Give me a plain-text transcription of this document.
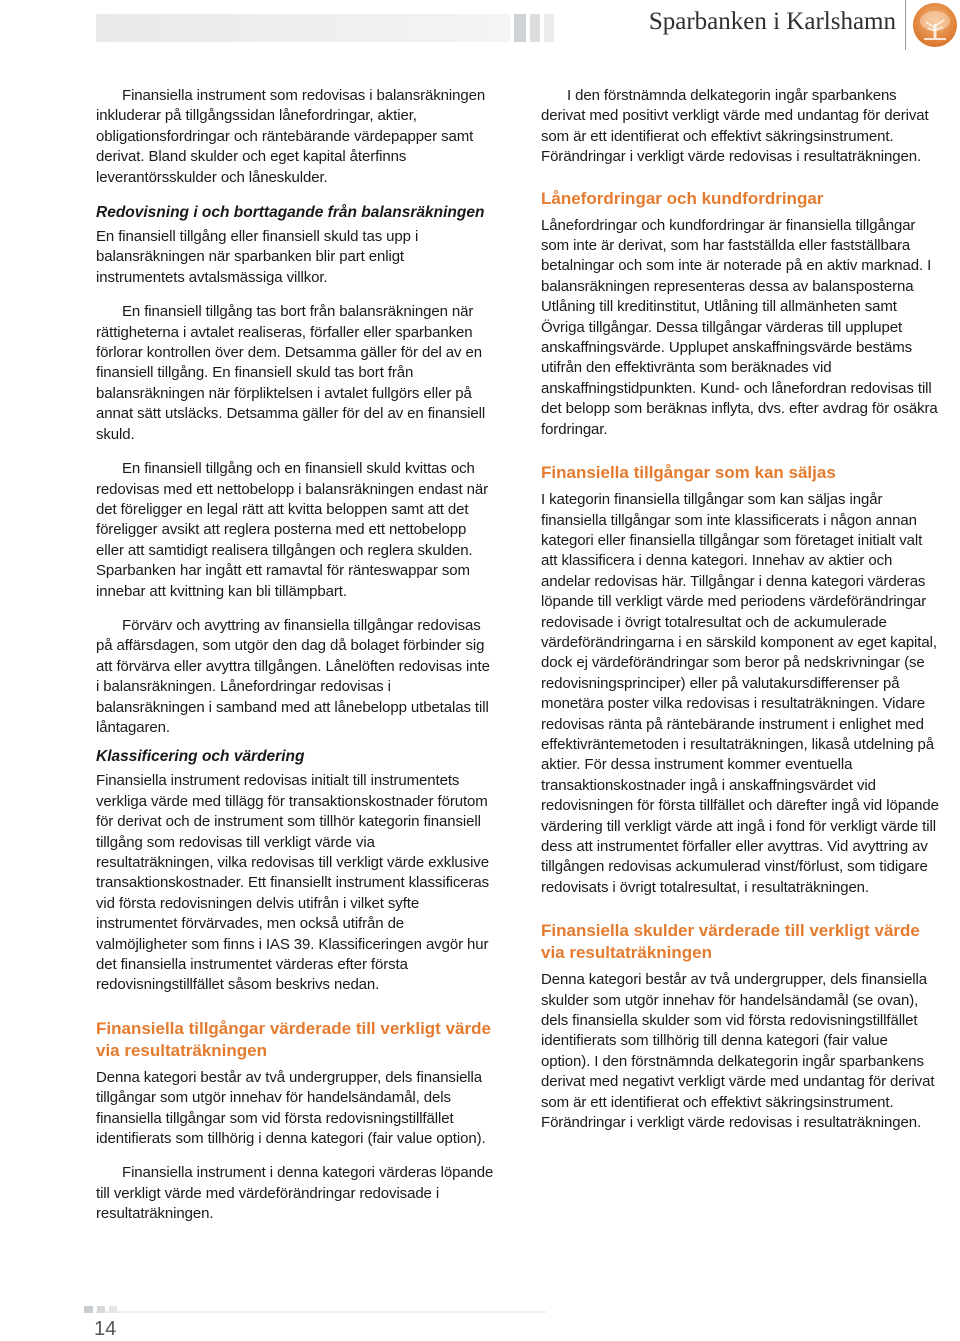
Sparbanken i Karlshamn

Finansiella instrument som redovisas i balansräkningen inkluderar på tillgångssidan lånefordringar, aktier, obligationsfordringar och räntebärande värdepapper samt derivat. Bland skulder och eget kapital återfinns leverantörsskulder och låneskulder.

Redovisning i och borttagande från balansräkningen

En finansiell tillgång eller finansiell skuld tas upp i balansräkningen när sparbanken blir part enligt instrumentets avtalsmässiga villkor.

En finansiell tillgång tas bort från balansräkningen när rättigheterna i avtalet realiseras, förfaller eller sparbanken förlorar kontrollen över dem. Detsamma gäller för del av en finansiell tillgång. En finansiell skuld tas bort från balansräkningen när förpliktelsen i avtalet fullgörs eller på annat sätt utsläcks. Detsamma gäller för del av en finansiell skuld.

En finansiell tillgång och en finansiell skuld kvittas och redovisas med ett nettobelopp i balansräkningen endast när det föreligger en legal rätt att kvitta beloppen samt att det föreligger avsikt att reglera posterna med ett nettobelopp eller att samtidigt realisera tillgången och reglera skulden. Sparbanken har ingått ett ramavtal för ränteswappar som innebar att kvittning kan bli tillämpbart.

Förvärv och avyttring av finansiella tillgångar redovisas på affärsdagen, som utgör den dag då bolaget förbinder sig att förvärva eller avyttra tillgången. Lånelöften redovisas inte i balansräkningen. Lånefordringar redovisas i balansräkningen i samband med att lånebelopp utbetalas till låntagaren.

Klassificering och värdering

Finansiella instrument redovisas initialt till instrumentets verkliga värde med tillägg för transaktionskostnader förutom för derivat och de instrument som tillhör kategorin finansiell tillgång som redovisas till verkligt värde via resultaträkningen, vilka redovisas till verkligt värde exklusive transaktionskostnader. Ett finansiellt instrument klassificeras vid första redovisningen delvis utifrån i vilket syfte instrumentet förvärvades, men också utifrån de valmöjligheter som finns i IAS 39. Klassificeringen avgör hur det finansiella instrumentet värderas efter första redovisningstillfället såsom beskrivs nedan.

Finansiella tillgångar värderade till verkligt värde via resultaträkningen

Denna kategori består av två undergrupper, dels finansiella tillgångar som utgör innehav för handelsändamål, dels finansiella tillgångar som vid första redovisningstillfället identifierats som tillhörig i denna kategori (fair value option).

Finansiella instrument i denna kategori värderas löpande till verkligt värde med värdeförändringar redovisade i resultaträkningen.

I den förstnämnda delkategorin ingår sparbankens derivat med positivt verkligt värde med undantag för derivat som är ett identifierat och effektivt säkringsinstrument. Förändringar i verkligt värde redovisas i resultaträkningen.

Lånefordringar och kundfordringar

Lånefordringar och kundfordringar är finansiella tillgångar som inte är derivat, som har fastställda eller fastställbara betalningar och som inte är noterade på en aktiv marknad. I balansräkningen representeras dessa av balansposterna Utlåning till kreditinstitut, Utlåning till allmänheten samt Övriga tillgångar. Dessa tillgångar värderas till upplupet anskaffningsvärde. Upplupet anskaffningsvärde bestäms utifrån den effektivränta som beräknades vid anskaffningstidpunkten. Kund- och lånefordran redovisas till det belopp som beräknas inflyta, dvs. efter avdrag för osäkra fordringar.

Finansiella tillgångar som kan säljas

I kategorin finansiella tillgångar som kan säljas ingår finansiella tillgångar som inte klassificerats i någon annan kategori eller finansiella tillgångar som företaget initialt valt att klassificera i denna kategori. Innehav av aktier och andelar redovisas här. Tillgångar i denna kategori värderas löpande till verkligt värde med periodens värdeförändringar redovisade i övrigt totalresultat och de ackumulerade värdeförändringarna i en särskild komponent av eget kapital, dock ej värdeförändringar som beror på nedskrivningar (se redovisningsprinciper) eller på valutakursdifferenser på monetära poster vilka redovisas i resultaträkningen. Vidare redovisas ränta på räntebärande instrument i enlighet med effektivräntemetoden i resultaträkningen, likaså utdelning på aktier. För dessa instrument kommer eventuella transaktionskostnader ingå i anskaffningsvärdet vid redovisningen för första tillfället och därefter ingå vid löpande värdering till verkligt värde att ingå i fond för verkligt värde till dess att instrumentet förfaller eller avyttras. Vid avyttring av tillgången redovisas ackumulerad vinst/förlust, som tidigare redovisats i övrigt totalresultat, i resultaträkningen.

Finansiella skulder värderade till verkligt värde via resultaträkningen

Denna kategori består av två undergrupper, dels finansiella skulder som utgör innehav för handelsändamål (se ovan), dels finansiella skulder som vid första redovisningstillfället identifierats som tillhörig till denna kategori (fair value option). I den förstnämnda delkategorin ingår sparbankens derivat med negativt verkligt värde med undantag för derivat som är ett identifierat och effektivt säkringsinstrument. Förändringar i verkligt värde redovisas i resultaträkningen.

14
